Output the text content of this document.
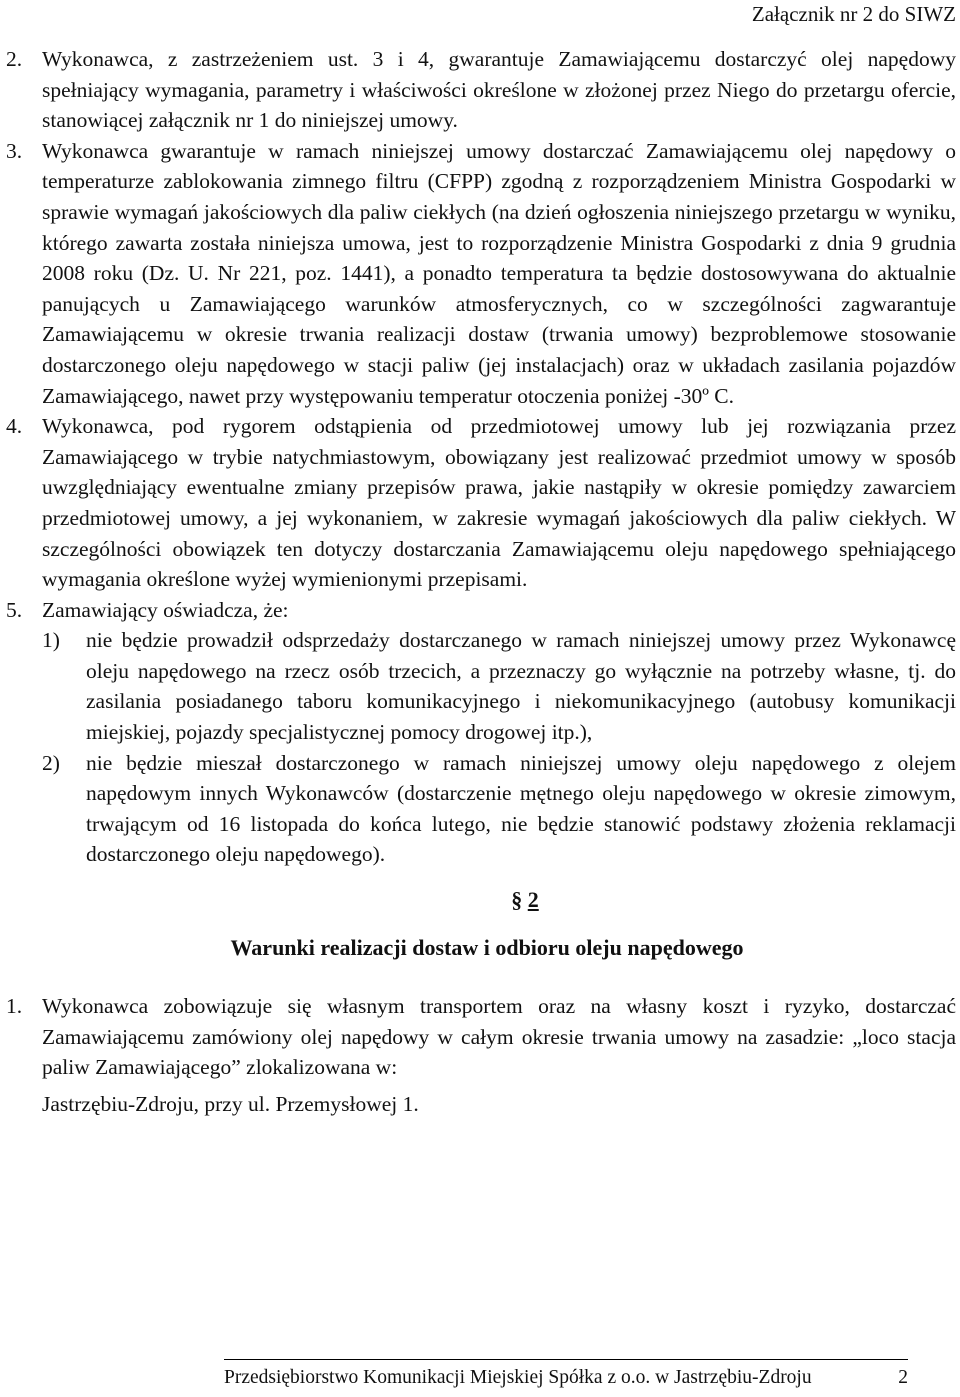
Załącznik nr 2 do SIWZ

2. Wykonawca, z zastrzeżeniem ust. 3 i 4, gwarantuje Zamawiającemu dostarczyć olej napędowy spełniający wymagania, parametry i właściwości określone w złożonej przez Niego do przetargu ofercie, stanowiącej załącznik nr 1 do niniejszej umowy.

3. Wykonawca gwarantuje w ramach niniejszej umowy dostarczać Zamawiającemu olej napędowy o temperaturze zablokowania zimnego filtru (CFPP) zgodną z rozporządzeniem Ministra Gospodarki w sprawie wymagań jakościowych dla paliw ciekłych (na dzień ogłoszenia niniejszego przetargu w wyniku, którego zawarta została niniejsza umowa, jest to rozporządzenie Ministra Gospodarki z dnia 9 grudnia 2008 roku (Dz. U. Nr 221, poz. 1441), a ponadto temperatura ta będzie dostosowywana do aktualnie panujących u Zamawiającego warunków atmosferycznych, co w szczególności zagwarantuje Zamawiającemu w okresie trwania realizacji dostaw (trwania umowy) bezproblemowe stosowanie dostarczonego oleju napędowego w stacji paliw (jej instalacjach) oraz w układach zasilania pojazdów Zamawiającego, nawet przy występowaniu temperatur otoczenia poniżej -30º C.

4. Wykonawca, pod rygorem odstąpienia od przedmiotowej umowy lub jej rozwiązania przez Zamawiającego w trybie natychmiastowym, obowiązany jest realizować przedmiot umowy w sposób uwzględniający ewentualne zmiany przepisów prawa, jakie nastąpiły w okresie pomiędzy zawarciem przedmiotowej umowy, a jej wykonaniem, w zakresie wymagań jakościowych dla paliw ciekłych. W szczególności obowiązek ten dotyczy dostarczania Zamawiającemu oleju napędowego spełniającego wymagania określone wyżej wymienionymi przepisami.

5. Zamawiający oświadcza, że:

1) nie będzie prowadził odsprzedaży dostarczanego w ramach niniejszej umowy przez Wykonawcę oleju napędowego na rzecz osób trzecich, a przeznaczy go wyłącznie na potrzeby własne, tj. do zasilania posiadanego taboru komunikacyjnego i niekomunikacyjnego (autobusy komunikacji miejskiej, pojazdy specjalistycznej pomocy drogowej itp.),

2) nie będzie mieszał dostarczonego w ramach niniejszej umowy oleju napędowego z olejem napędowym innych Wykonawców (dostarczenie mętnego oleju napędowego w okresie zimowym, trwającym od 16 listopada do końca lutego, nie będzie stanowić podstawy złożenia reklamacji dostarczonego oleju napędowego).

§ 2

Warunki realizacji dostaw i odbioru oleju napędowego

1. Wykonawca zobowiązuje się własnym transportem oraz na własny koszt i ryzyko, dostarczać Zamawiającemu zamówiony olej napędowy w całym okresie trwania umowy na zasadzie: „loco stacja paliw Zamawiającego” zlokalizowana w:

Jastrzębiu-Zdroju, przy ul. Przemysłowej 1.

Przedsiębiorstwo Komunikacji Miejskiej Spółka z o.o. w Jastrzębiu-Zdroju	2
